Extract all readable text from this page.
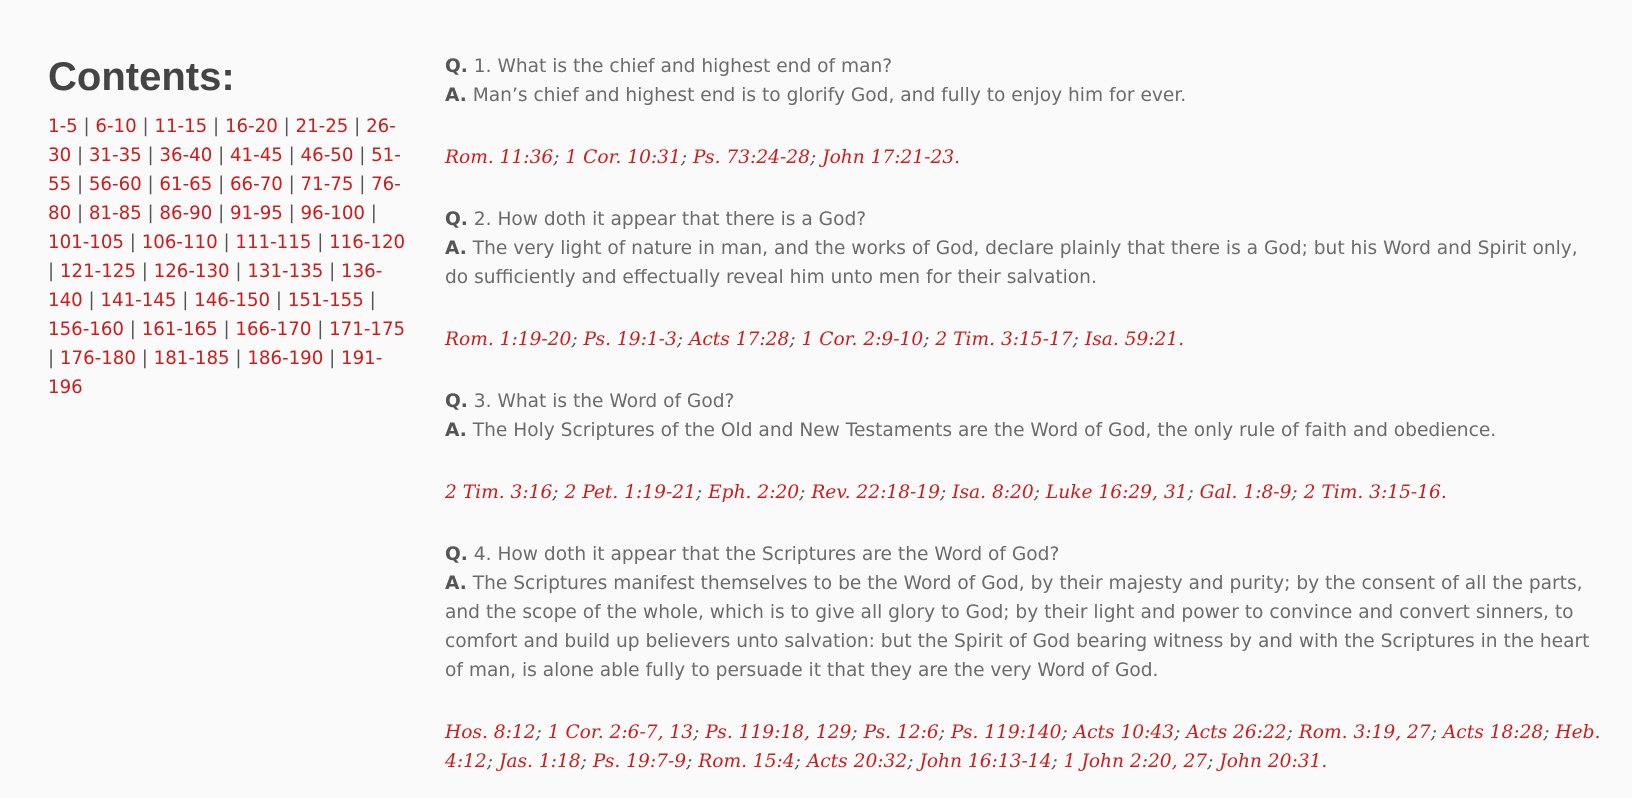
Contents:
1-5 | 6-10 | 11-15 | 16-20 | 21-25 | 26-30 | 31-35 | 36-40 | 41-45 | 46-50 | 51-55 | 56-60 | 61-65 | 66-70 | 71-75 | 76-80 | 81-85 | 86-90 | 91-95 | 96-100 | 101-105 | 106-110 | 111-115 | 116-120 | 121-125 | 126-130 | 131-135 | 136-140 | 141-145 | 146-150 | 151-155 | 156-160 | 161-165 | 166-170 | 171-175 | 176-180 | 181-185 | 186-190 | 191-196

Q. 1. What is the chief and highest end of man?

A. Man’s chief and highest end is to glorify God, and fully to enjoy him for ever.

Rom. 11:36; 1 Cor. 10:31; Ps. 73:24-28; John 17:21-23.

Q. 2. How doth it appear that there is a God?

A. The very light of nature in man, and the works of God, declare plainly that there is a God; but his Word and Spirit only, do sufficiently and effectually reveal him unto men for their salvation.

Rom. 1:19-20; Ps. 19:1-3; Acts 17:28; 1 Cor. 2:9-10; 2 Tim. 3:15-17; Isa. 59:21.

Q. 3. What is the Word of God?

A. The Holy Scriptures of the Old and New Testaments are the Word of God, the only rule of faith and obedience.

2 Tim. 3:16; 2 Pet. 1:19-21; Eph. 2:20; Rev. 22:18-19; Isa. 8:20; Luke 16:29, 31; Gal. 1:8-9; 2 Tim. 3:15-16.

Q. 4. How doth it appear that the Scriptures are the Word of God?

A. The Scriptures manifest themselves to be the Word of God, by their majesty and purity; by the consent of all the parts, and the scope of the whole, which is to give all glory to God; by their light and power to convince and convert sinners, to comfort and build up believers unto salvation: but the Spirit of God bearing witness by and with the Scriptures in the heart of man, is alone able fully to persuade it that they are the very Word of God.

Hos. 8:12; 1 Cor. 2:6-7, 13; Ps. 119:18, 129; Ps. 12:6; Ps. 119:140; Acts 10:43; Acts 26:22; Rom. 3:19, 27; Acts 18:28; Heb. 4:12; Jas. 1:18; Ps. 19:7-9; Rom. 15:4; Acts 20:32; John 16:13-14; 1 John 2:20, 27; John 20:31.
